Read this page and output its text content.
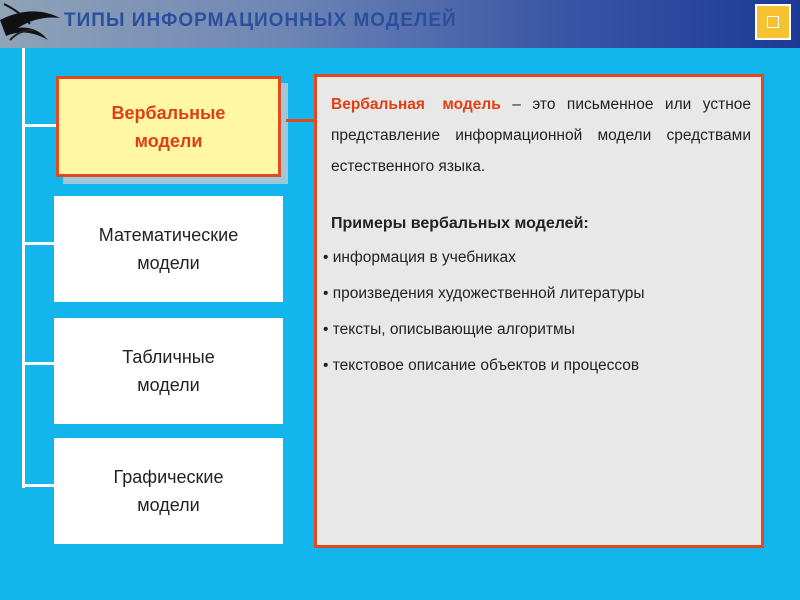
ТИПЫ ИНФОРМАЦИОННЫХ МОДЕЛЕЙ
Вербальные
модели
Математические
модели
Табличные
модели
Графические
модели
Вербальная модель – это письменное или устное представление информационной модели средствами естественного языка.
Примеры вербальных моделей:
• информация в учебниках
• произведения художественной литературы
• тексты, описывающие алгоритмы
• текстовое описание объектов и процессов
